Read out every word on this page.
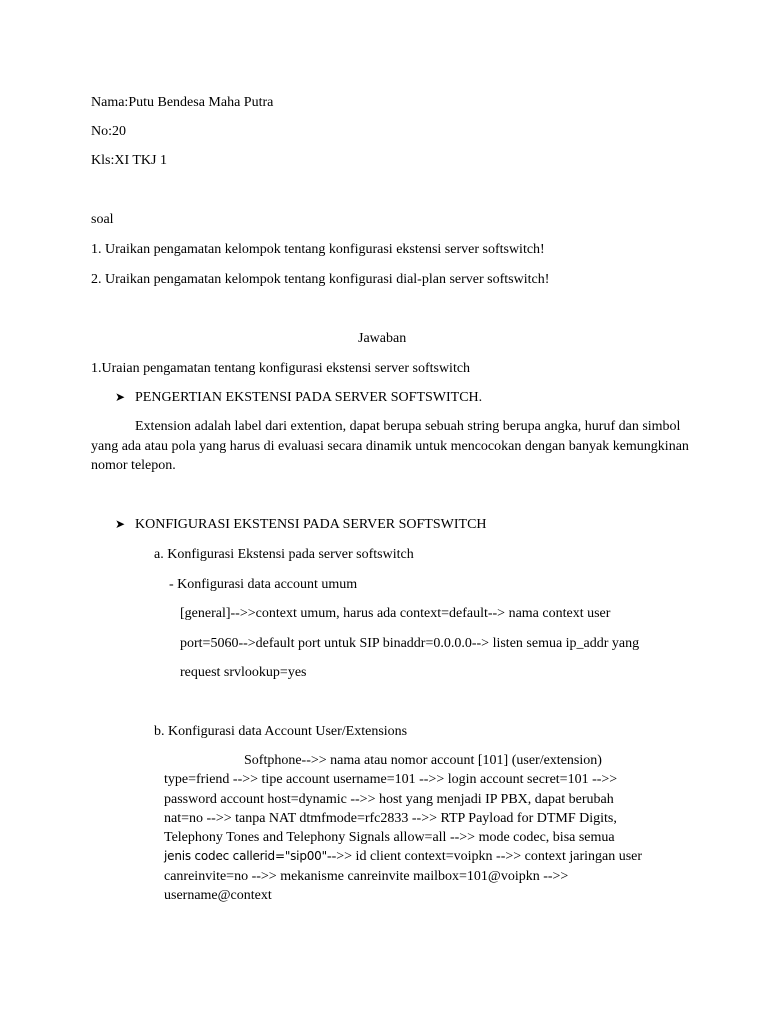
Nama:Putu Bendesa Maha Putra
No:20
Kls:XI TKJ 1
soal
1. Uraikan pengamatan kelompok tentang konfigurasi ekstensi server softswitch!
2. Uraikan pengamatan kelompok tentang konfigurasi dial-plan server softswitch!
Jawaban
1.Uraian pengamatan tentang konfigurasi ekstensi server softswitch
➤ PENGERTIAN EKSTENSI PADA SERVER SOFTSWITCH.
Extension adalah label dari extention, dapat berupa sebuah string berupa angka, huruf dan simbol yang ada atau pola yang harus di evaluasi secara dinamik untuk mencocokan dengan banyak kemungkinan nomor telepon.
➤ KONFIGURASI EKSTENSI PADA SERVER SOFTSWITCH
a. Konfigurasi Ekstensi pada server softswitch
- Konfigurasi data account umum
[general]-->>context umum, harus ada context=default--> nama context user
port=5060-->default port untuk SIP binaddr=0.0.0.0--> listen semua ip_addr yang
request srvlookup=yes
b. Konfigurasi data Account User/Extensions
Softphone-->> nama atau nomor account [101] (user/extension)
type=friend -->> tipe account username=101 -->> login account secret=101 -->>
password account host=dynamic -->> host yang menjadi IP PBX, dapat berubah
nat=no -->> tanpa NAT dtmfmode=rfc2833 -->> RTP Payload for DTMF Digits,
Telephony Tones and Telephony Signals allow=all -->> mode codec, bisa semua
jenis codec callerid="sip00"-->> id client context=voipkn -->> context jaringan user
canreinvite=no -->> mekanisme canreinvite mailbox=101@voipkn -->>
username@context
